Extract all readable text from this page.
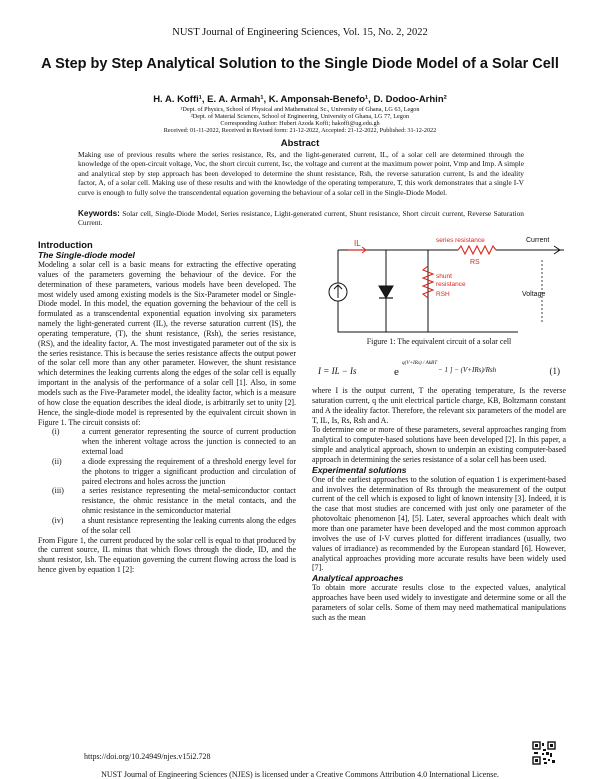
NUST Journal of Engineering Sciences, Vol. 15, No. 2, 2022
A Step by Step Analytical Solution to the Single Diode Model of a Solar Cell
H. A. Koffi¹, E. A. Armah¹, K. Amponsah-Benefo¹, D. Dodoo-Arhin²
¹Dept. of Physics, School of Physical and Mathematical Sc., University of Ghana, LG 63, Legon
²Dept. of Material Sciences, School of Engineering, University of Ghana, LG 77, Legon
Corresponding Author: Hubert Azoda Koffi; hakoffi@ug.edu.gh
Received: 01-11-2022, Received in Revised form: 21-12-2022, Accepted: 21-12-2022, Published: 31-12-2022
Abstract
Making use of previous results where the series resistance, Rs, and the light-generated current, IL, of a solar cell are determined through the knowledge of the open-circuit voltage, Voc, the short circuit current, Isc, the voltage and current at the maximum power point, Vmp and Imp. A simple and analytical step by step approach has been developed to determine the shunt resistance, Rsh, the reverse saturation current, Is and the ideality factor, A, of a solar cell. Making use of these results and with the knowledge of the operating temperature, T, this work demonstrates that a single I-V curve is enough to fully solve the transcendental equation governing the behaviour of a solar cell in the Single-Diode Model.
Keywords: Solar cell, Single-Diode Model, Series resistance, Light-generated current, Shunt resistance, Short circuit current, Reverse Saturation Current.
Introduction
The Single-diode model

Modeling a solar cell is a basic means for extracting the effective operating values of the parameters governing the behaviour of the device. For the determination of these parameters, various models have been developed. The most widely used among existing models is the Six-Parameter model or Single-Diode model. In this model, the equation governing the behaviour of the cell is formulated as a transcendental exponential equation involving six parameters namely the light-generated current (IL), the reverse saturation current (IS), the operating temperature, (T), the shunt resistance, (Rsh), the series resistance, (RS), and the ideality factor, A. The most investigated parameter out of the six is the series resistance. This is because the series resistance affects the output power of the solar cell more than any other parameter. However, the shunt resistance which determines the leaking currents along the edges of the solar cell is equally important in the analysis of the performance of a solar cell [1]. Also, in some models such as the Five-Parameter model, the ideality factor, which is a measure of how close the equation describes the ideal diode, is arbitrarily set to unity [2]. Hence, the single-diode model is represented by the equivalent circuit shown in Figure 1. The circuit consists of:

(i)	a current generator representing the source of current production when the inherent voltage across the junction is connected to an external load
(ii)	a diode expressing the requirement of a threshold energy level for the photons to trigger a significant production and circulation of paired electrons and holes across the junction
(iii) a series resistance representing the metal-semiconductor contact resistance, the ohmic resistance in the metal contacts, and the ohmic resistance in the semiconductor material
(iv) a shunt resistance representing the leaking currents along the edges of the solar cell

From Figure 1, the current produced by the solar cell is equal to that produced by the current source, IL minus that which flows through the diode, ID, and the shunt resistor, Ish. The equation governing the current flowing across the load is hence given by equation 1 [2]:

IL
shunt
resistance
RSH
series resistance
RS
Current
Voltage
Figure 1: The equivalent circuit of a solar cell
I = IL − Is	e
q(V+IRs) / AkBT
− 1 ] − (V+IRs)/Rsh	(1)

where I is the output current, T the operating temperature, Is the reverse saturation current, q the unit electrical particle charge, KB, Boltzmann constant and A the ideality factor. Therefore, the relevant six parameters of the model are T, IL, Is, Rs, Rsh and A.

To determine one or more of these parameters, several approaches ranging from analytical to computer-based solutions have been developed [2]. In this paper, a simple and analytical approach, shown to underpin an existing computer-based approach in determining the series resistance of a solar cell has been used.

Experimental solutions

One of the earliest approaches to the solution of equation 1 is experiment-based and involves the determination of Rs through the measurement of the output current of the cell which is exposed to light of known intensity [3]. Indeed, it is the case that most studies are concerned with just only one parameter of the photovoltaic phenomenon [4], [5]. Later, several approaches which dealt with more than one parameter have been developed and the most common approach involves the use of I-V curves plotted for different irradiances (usually, two values of irradiance) as recommended by the European standard [6]. However, analytical approaches providing more accurate results have been widely used [7].

Analytical approaches

To obtain more accurate results close to the expected values, analytical approaches have been used widely to investigate and determine some or all the parameters of solar cells. Some of them may need mathematical manipulations such as the mean

https://doi.org/10.24949/njes.v15i2.728
NUST Journal of Engineering Sciences (NJES) is licensed under a Creative Commons Attribution 4.0 International License.
